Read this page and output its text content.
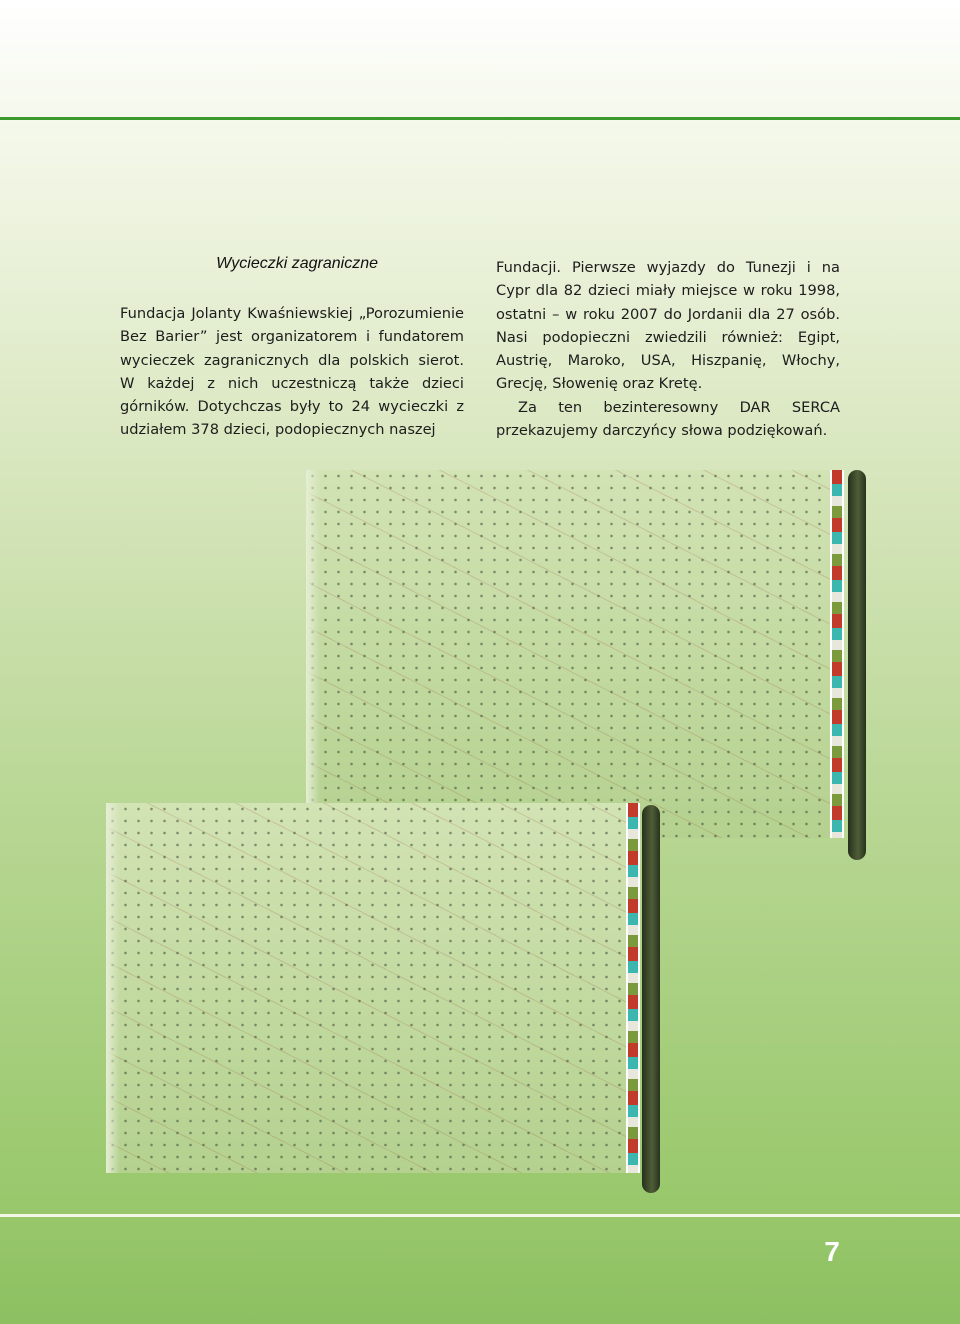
Wycieczki zagraniczne

Fundacja Jolanty Kwaśniewskiej „Porozumienie Bez Barier” jest organizatorem i fundatorem wycieczek zagranicznych dla polskich sierot. W każdej z nich uczestniczą także dzieci górników. Dotychczas były to 24 wycieczki z udziałem 378 dzieci, podopiecznych naszej

Fundacji. Pierwsze wyjazdy do Tunezji i na Cypr dla 82 dzieci miały miejsce w roku 1998, ostatni – w roku 2007 do Jordanii dla 27 osób. Nasi podopieczni zwiedzili również: Egipt, Austrię, Maroko, USA, Hiszpanię, Włochy, Grecję, Słowenię oraz Kretę.

Za ten bezinteresowny DAR SERCA przekazujemy darczyńcy słowa podziękowań.

7
